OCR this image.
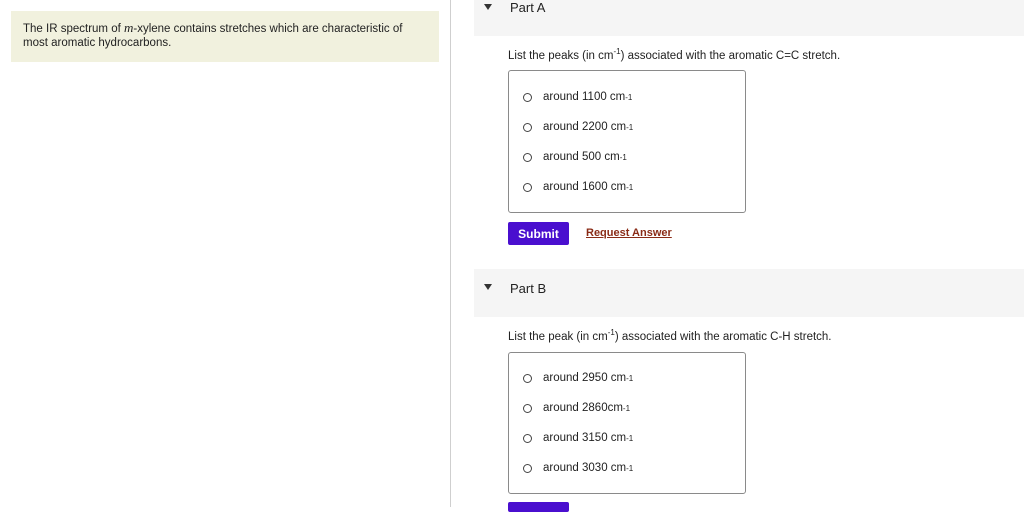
The IR spectrum of m-xylene contains stretches which are characteristic of most aromatic hydrocarbons.
Part A
List the peaks (in $cm^{-1}$) associated with the aromatic C=C stretch.
around 1100 cm -1
around 2200 cm -1
around 500 cm -1
around 1600 cm -1
Submit	Request Answer
Part B
List the peak (in $cm^{-1}$) associated with the aromatic C-H stretch.
around 2950 cm -1
around 2860cm -1
around 3150 cm -1
around 3030 cm -1
